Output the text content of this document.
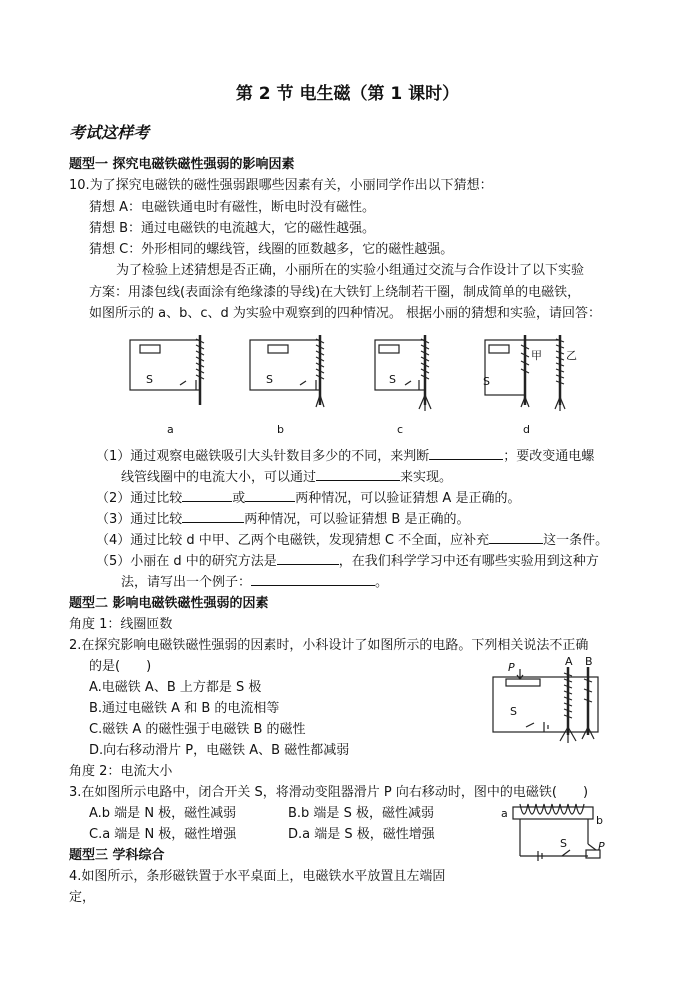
第 2 节 电生磁（第 1 课时）
考试这样考
题型一 探究电磁铁磁性强弱的影响因素
10.为了探究电磁铁的磁性强弱跟哪些因素有关，小丽同学作出以下猜想：
猜想 A：电磁铁通电时有磁性，断电时没有磁性。
猜想 B：通过电磁铁的电流越大，它的磁性越强。
猜想 C：外形相同的螺线管，线圈的匝数越多，它的磁性越强。
为了检验上述猜想是否正确，小丽所在的实验小组通过交流与合作设计了以下实验
方案：用漆包线(表面涂有绝缘漆的导线)在大铁钉上绕制若干圈，制成简单的电磁铁，
如图所示的 a、b、c、d 为实验中观察到的四种情况。 根据小丽的猜想和实验，请回答：
S	S	S
甲 乙
S
a	b	c	d
（1）通过观察电磁铁吸引大头针数目多少的不同，来判断	；要改变通电螺
线管线圈中的电流大小，可以通过	来实现。
（2）通过比较	或	两种情况，可以验证猜想 A 是正确的。
（3）通过比较	两种情况，可以验证猜想 B 是正确的。
（4）通过比较 d 中甲、乙两个电磁铁，发现猜想 C 不全面，应补充	这一条件。
（5）小丽在 d 中的研究方法是	，在我们科学学习中还有哪些实验用到这种方
法，请写出一个例子：	。
题型二 影响电磁铁磁性强弱的因素
角度 1：线圈匝数
2.在探究影响电磁铁磁性强弱的因素时，小科设计了如图所示的电路。下列相关说法不正确
的是(　　)
A.电磁铁 A、B 上方都是 S 极
B.通过电磁铁 A 和 B 的电流相等
C.磁铁 A 的磁性强于电磁铁 B 的磁性
D.向右移动滑片 P，电磁铁 A、B 磁性都减弱
P	A B
S
角度 2：电流大小
3.在如图所示电路中，闭合开关 S，将滑动变阻器滑片 P 向右移动时，图中的电磁铁(　　)
A.b 端是 N 极，磁性减弱	B.b 端是 S 极，磁性减弱
C.a 端是 N 极，磁性增强	D.a 端是 S 极，磁性增强
a
b
S	P
题型三 学科综合
4.如图所示，条形磁铁置于水平桌面上，电磁铁水平放置且左端固
定，
